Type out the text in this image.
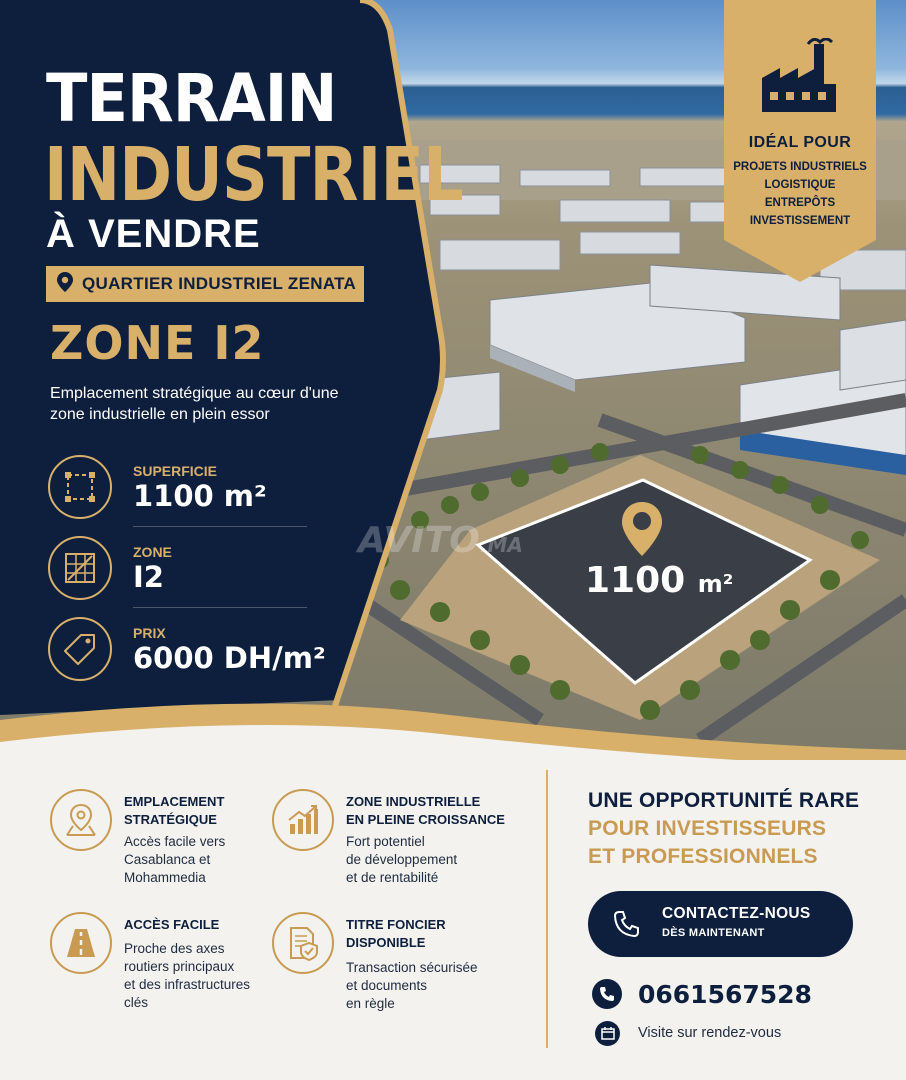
IDÉAL POUR
PROJETS INDUSTRIELS
LOGISTIQUE
ENTREPÔTS
INVESTISSEMENT
TERRAIN
INDUSTRIEL
À VENDRE
QUARTIER INDUSTRIEL ZENATA
ZONE I2
Emplacement stratégique au cœur d'une zone industrielle en plein essor
SUPERFICIE
1100 m²
ZONE
I2
PRIX
6000 DH/m²
AVITO.MA
1100 m²
EMPLACEMENT
STRATÉGIQUE
Accès facile vers
Casablanca et
Mohammedia
ZONE INDUSTRIELLE
EN PLEINE CROISSANCE
Fort potentiel
de développement
et de rentabilité
ACCÈS FACILE
Proche des axes
routiers principaux
et des infrastructures
clés
TITRE FONCIER
DISPONIBLE
Transaction sécurisée
et documents
en règle
UNE OPPORTUNITÉ RARE
POUR INVESTISSEURS
ET PROFESSIONNELS
CONTACTEZ-NOUS
DÈS MAINTENANT
0661567528
Visite sur rendez-vous
